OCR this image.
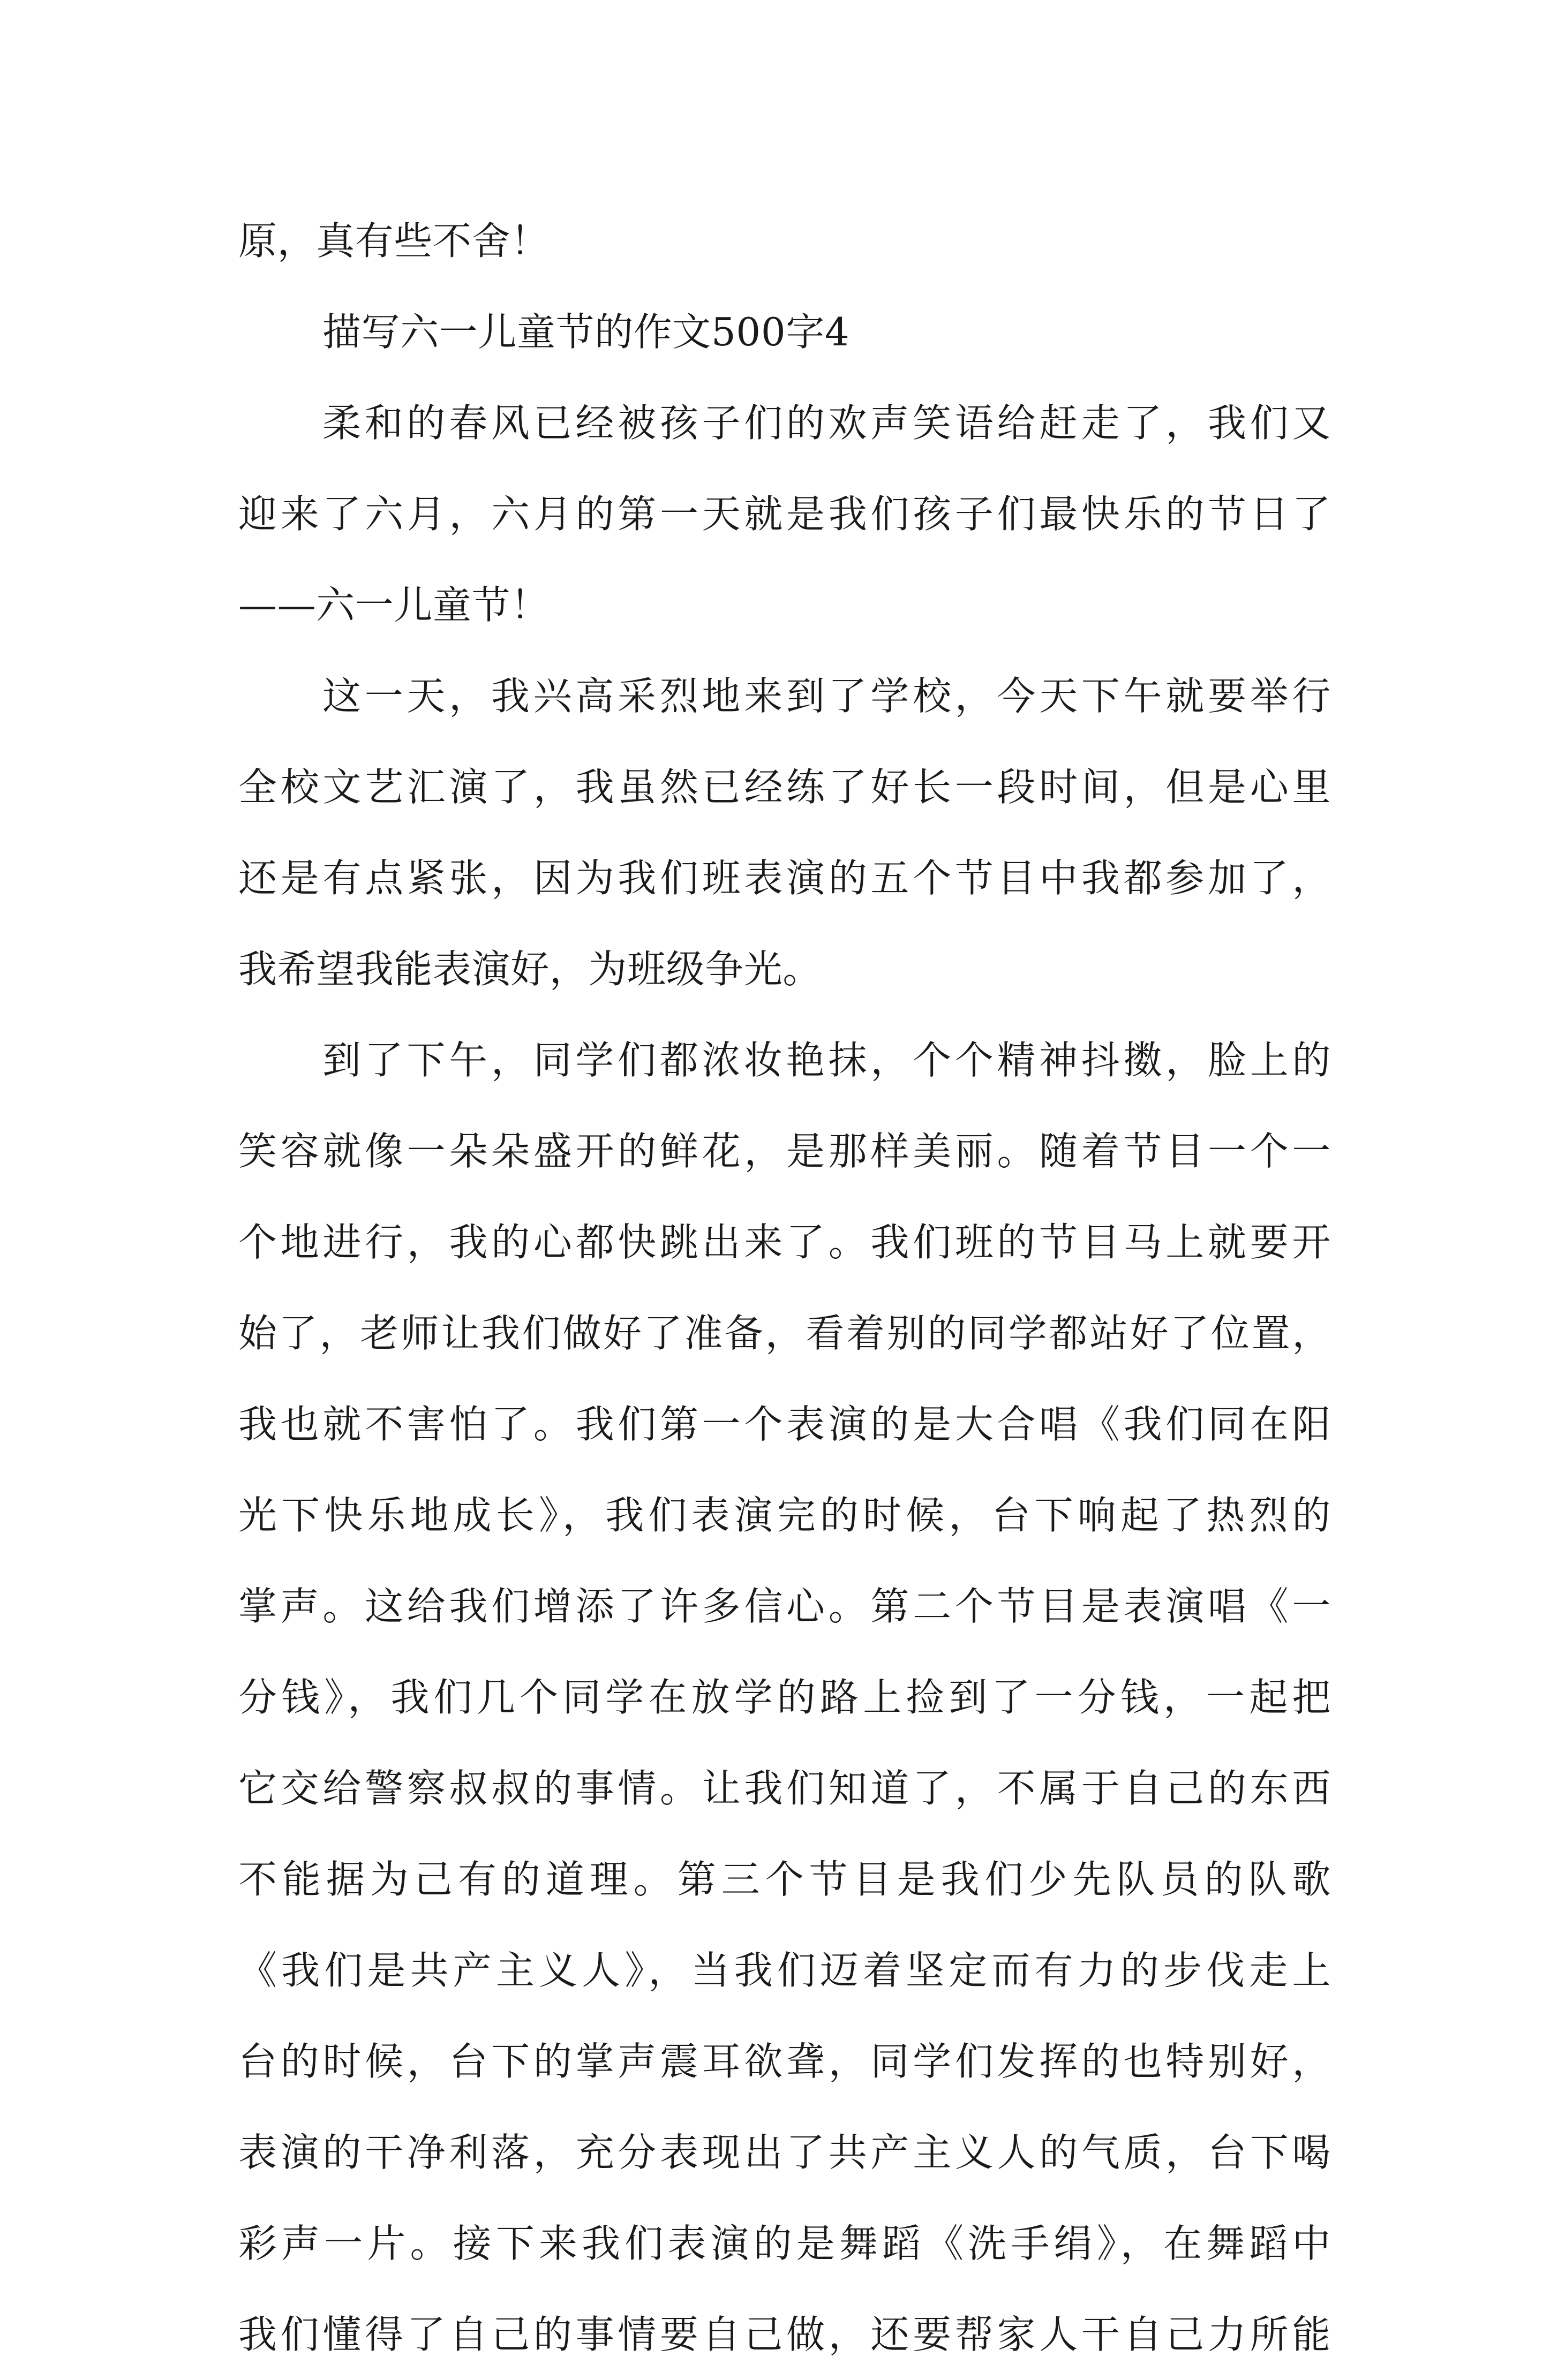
原，真有些不舍！
描写六一儿童节的作文500字4
柔和的春风已经被孩子们的欢声笑语给赶走了，我们又
迎来了六月，六月的第一天就是我们孩子们最快乐的节日了
——六一儿童节！
这一天，我兴高采烈地来到了学校，今天下午就要举行
全校文艺汇演了，我虽然已经练了好长一段时间，但是心里
还是有点紧张，因为我们班表演的五个节目中我都参加了，
我希望我能表演好，为班级争光。
到了下午，同学们都浓妆艳抹，个个精神抖擞，脸上的
笑容就像一朵朵盛开的鲜花，是那样美丽。随着节目一个一
个地进行，我的心都快跳出来了。我们班的节目马上就要开
始了，老师让我们做好了准备，看着别的同学都站好了位置，
我也就不害怕了。我们第一个表演的是大合唱《我们同在阳
光下快乐地成长》，我们表演完的时候，台下响起了热烈的
掌声。这给我们增添了许多信心。第二个节目是表演唱《一
分钱》，我们几个同学在放学的路上捡到了一分钱，一起把
它交给警察叔叔的事情。让我们知道了，不属于自己的东西
不能据为己有的道理。第三个节目是我们少先队员的队歌
《我们是共产主义人》，当我们迈着坚定而有力的步伐走上
台的时候，台下的掌声震耳欲聋，同学们发挥的也特别好，
表演的干净利落，充分表现出了共产主义人的气质，台下喝
彩声一片。接下来我们表演的是舞蹈《洗手绢》，在舞蹈中
我们懂得了自己的事情要自己做，还要帮家人干自己力所能
